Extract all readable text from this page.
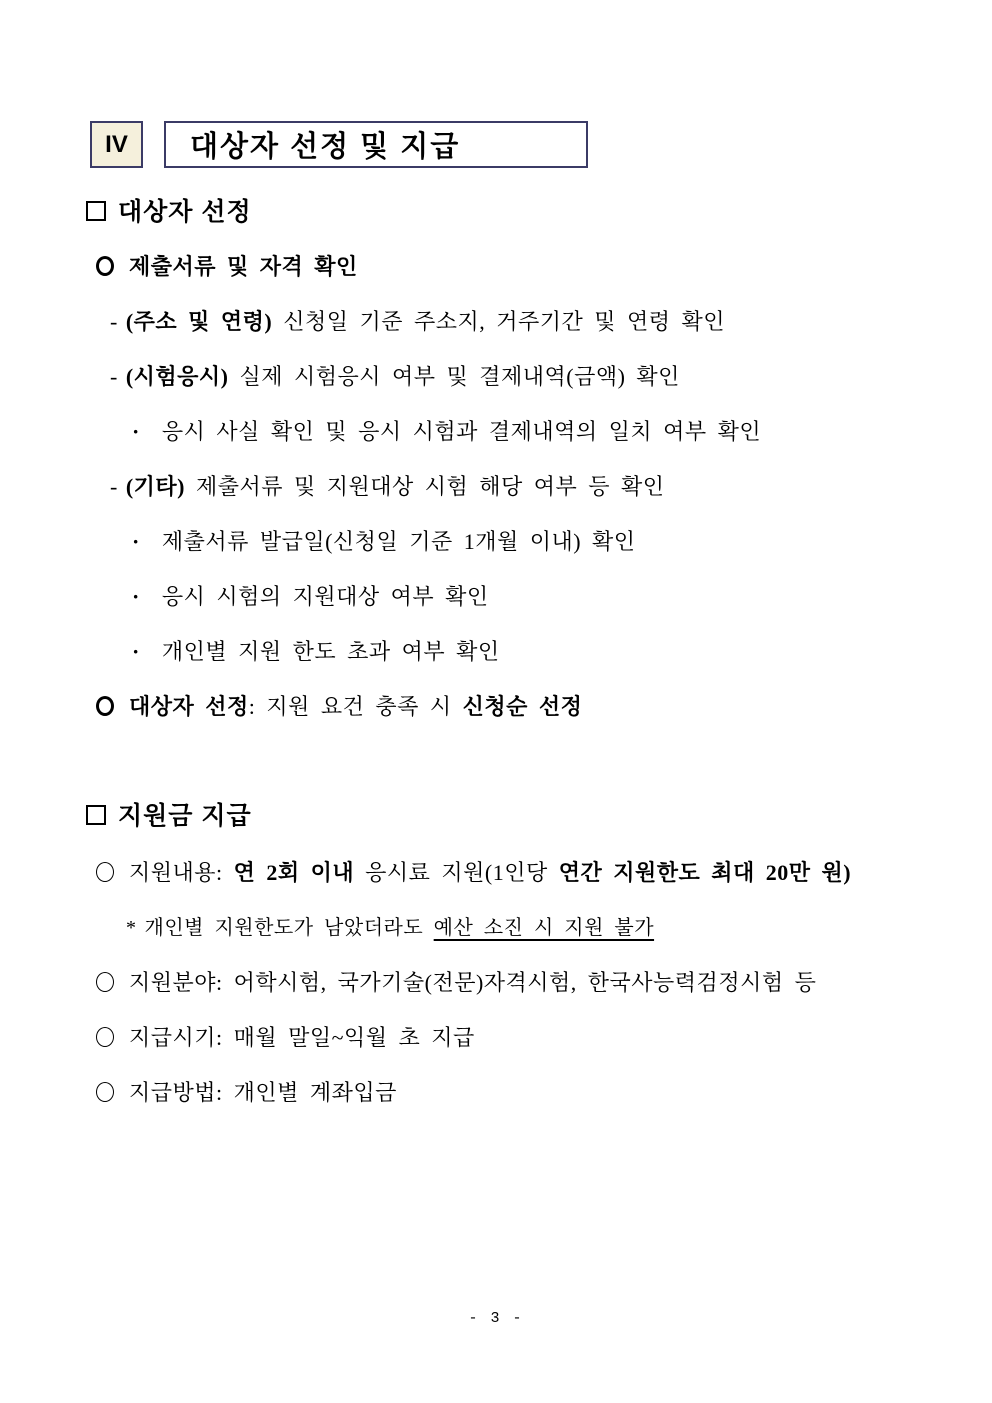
IV 대상자 선정 및 지급
대상자 선정
제출서류 및 자격 확인
- (주소 및 연령) 신청일 기준 주소지, 거주기간 및 연령 확인
- (시험응시) 실제 시험응시 여부 및 결제내역(금액) 확인
· 응시 사실 확인 및 응시 시험과 결제내역의 일치 여부 확인
- (기타) 제출서류 및 지원대상 시험 해당 여부 등 확인
· 제출서류 발급일(신청일 기준 1개월 이내) 확인
· 응시 시험의 지원대상 여부 확인
· 개인별 지원 한도 초과 여부 확인
대상자 선정: 지원 요건 충족 시 신청순 선정
지원금 지급
지원내용: 연 2회 이내 응시료 지원(1인당 연간 지원한도 최대 20만 원)
* 개인별 지원한도가 남았더라도 예산 소진 시 지원 불가
지원분야: 어학시험, 국가기술(전문)자격시험, 한국사능력검정시험 등
지급시기: 매월 말일~익월 초 지급
지급방법: 개인별 계좌입금
- 3 -
